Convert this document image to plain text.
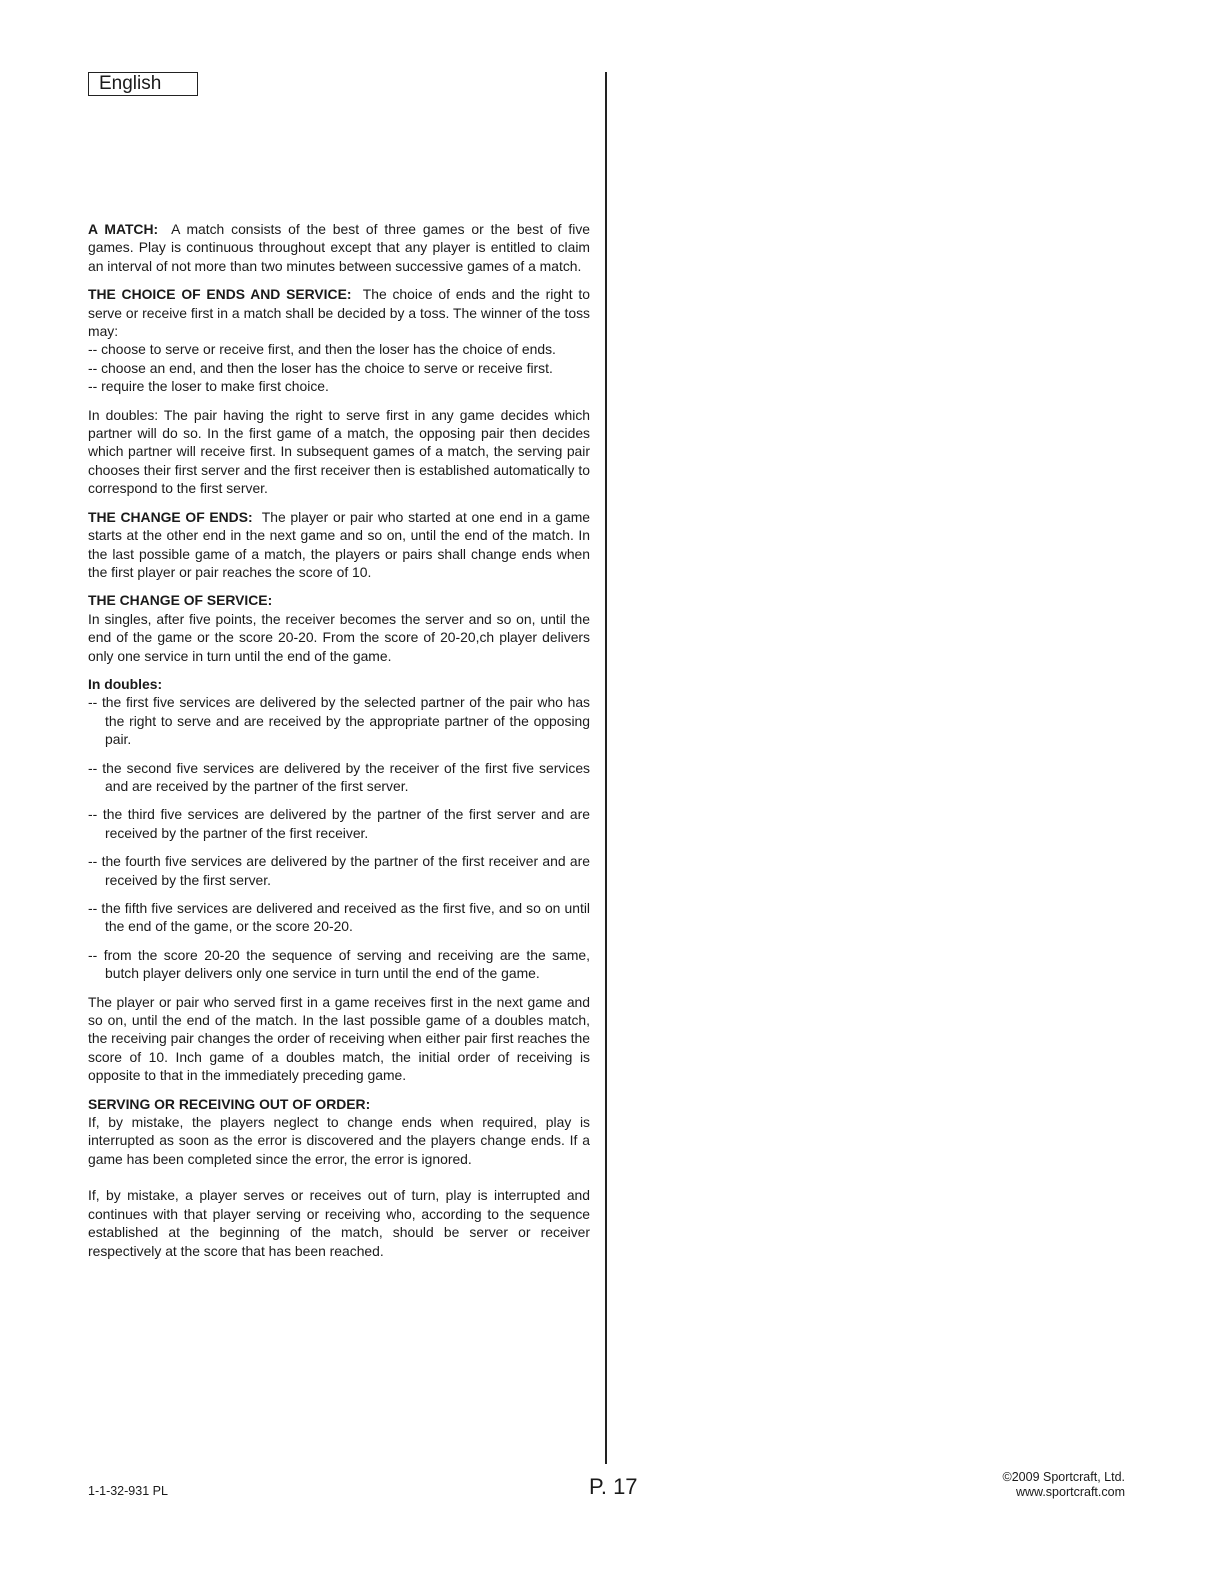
English

A MATCH: A match consists of the best of three games or the best of five games. Play is continuous throughout except that any player is entitled to claim an interval of not more than two minutes between successive games of a match.

THE CHOICE OF ENDS AND SERVICE: The choice of ends and the right to serve or receive first in a match shall be decided by a toss. The winner of the toss may:

-- choose to serve or receive first, and then the loser has the choice of ends.

-- choose an end, and then the loser has the choice to serve or receive first.

-- require the loser to make first choice.

In doubles: The pair having the right to serve first in any game decides which partner will do so. In the first game of a match, the opposing pair then decides which partner will receive first. In subsequent games of a match, the serving pair chooses their first server and the first receiver then is established automatically to correspond to the first server.

THE CHANGE OF ENDS: The player or pair who started at one end in a game starts at the other end in the next game and so on, until the end of the match. In the last possible game of a match, the players or pairs shall change ends when the first player or pair reaches the score of 10.

THE CHANGE OF SERVICE:

In singles, after five points, the receiver becomes the server and so on, until the end of the game or the score 20-20. From the score of 20-20,ch player delivers only one service in turn until the end of the game.

In doubles:

-- the first five services are delivered by the selected partner of the pair who has the right to serve and are received by the appropriate partner of the opposing pair.

-- the second five services are delivered by the receiver of the first five services and are received by the partner of the first server.

-- the third five services are delivered by the partner of the first server and are received by the partner of the first receiver.

-- the fourth five services are delivered by the partner of the first receiver and are received by the first server.

-- the fifth five services are delivered and received as the first five, and so on until the end of the game, or the score 20-20.

-- from the score 20-20 the sequence of serving and receiving are the same, butch player delivers only one service in turn until the end of the game.

The player or pair who served first in a game receives first in the next game and so on, until the end of the match. In the last possible game of a doubles match, the receiving pair changes the order of receiving when either pair first reaches the score of 10. Inch game of a doubles match, the initial order of receiving is opposite to that in the immediately preceding game.

SERVING OR RECEIVING OUT OF ORDER:

If, by mistake, the players neglect to change ends when required, play is interrupted as soon as the error is discovered and the players change ends. If a game has been completed since the error, the error is ignored.

If, by mistake, a player serves or receives out of turn, play is interrupted and continues with that player serving or receiving who, according to the sequence established at the beginning of the match, should be server or receiver respectively at the score that has been reached.

1-1-32-931 PL	P. 17	©2009 Sportcraft, Ltd.
www.sportcraft.com
